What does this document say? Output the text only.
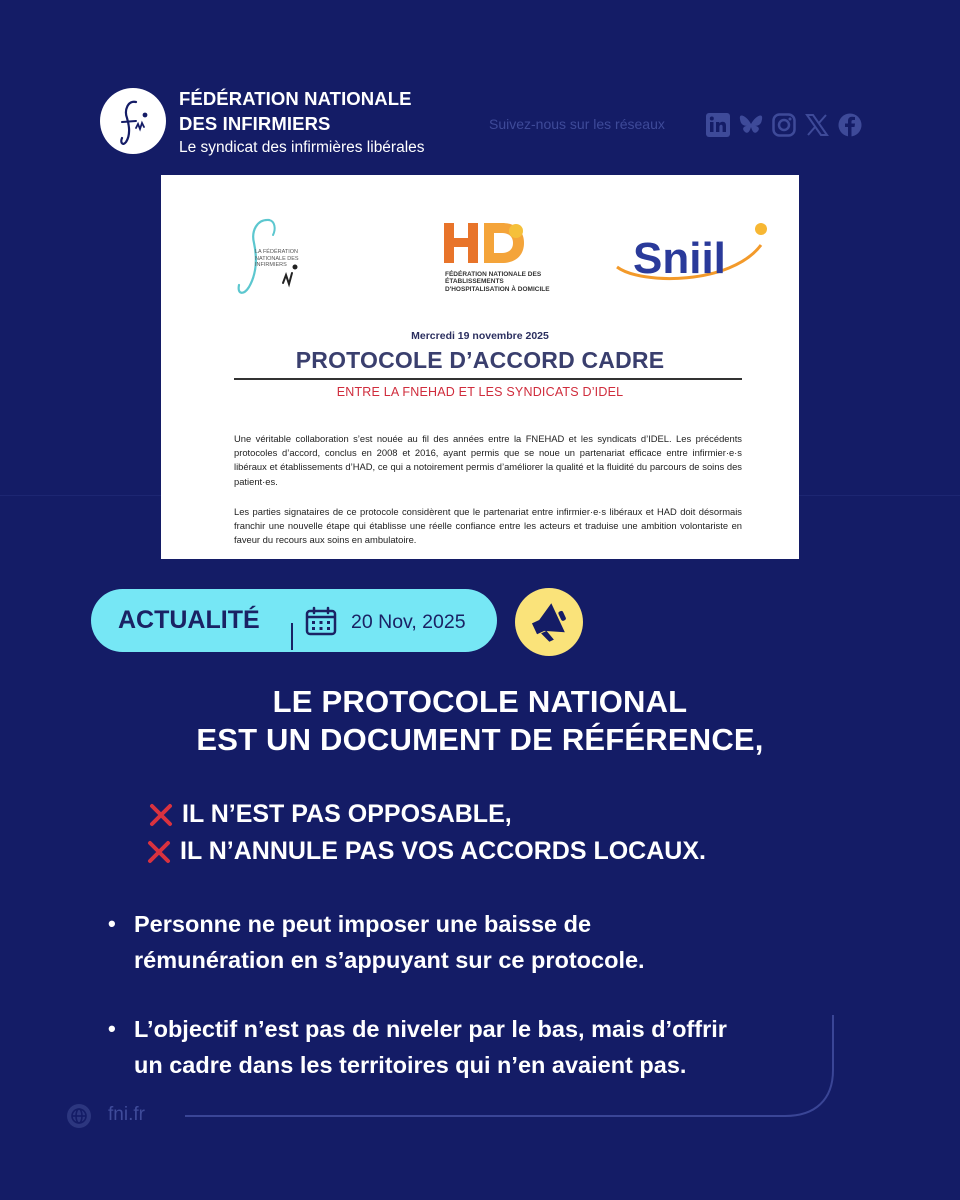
FÉDÉRATION NATIONALE
DES INFIRMIERS
Le syndicat des infirmières libérales
Suivez-nous sur les réseaux
LA FÉDÉRATION NATIONALE DES INFIRMIERS
FÉDÉRATION NATIONALE DES ÉTABLISSEMENTS D'HOSPITALISATION À DOMICILE
Sniil
Mercredi 19 novembre 2025
PROTOCOLE D’ACCORD CADRE
ENTRE LA FNEHAD ET LES SYNDICATS D’IDEL
Une véritable collaboration s’est nouée au fil des années entre la FNEHAD et les syndicats d’IDEL. Les précédents protocoles d’accord, conclus en 2008 et 2016, ayant permis que se noue un partenariat efficace entre infirmier·e·s libéraux et établissements d’HAD, ce qui a notoirement permis d’améliorer la qualité et la fluidité du parcours de soins des patient·es.
Les parties signataires de ce protocole considèrent que le partenariat entre infirmier·e·s libéraux et HAD doit désormais franchir une nouvelle étape qui établisse une réelle confiance entre les acteurs et traduise une ambition volontariste en faveur du recours aux soins en ambulatoire.
ACTUALITÉ	20 Nov, 2025
LE PROTOCOLE NATIONAL
EST UN DOCUMENT DE RÉFÉRENCE,
IL N’EST PAS OPPOSABLE,
IL N’ANNULE PAS VOS ACCORDS LOCAUX.
• Personne ne peut imposer une baisse de
rémunération en s’appuyant sur ce protocole.
• L’objectif n’est pas de niveler par le bas, mais d’offrir
un cadre dans les territoires qui n’en avaient pas.
fni.fr
